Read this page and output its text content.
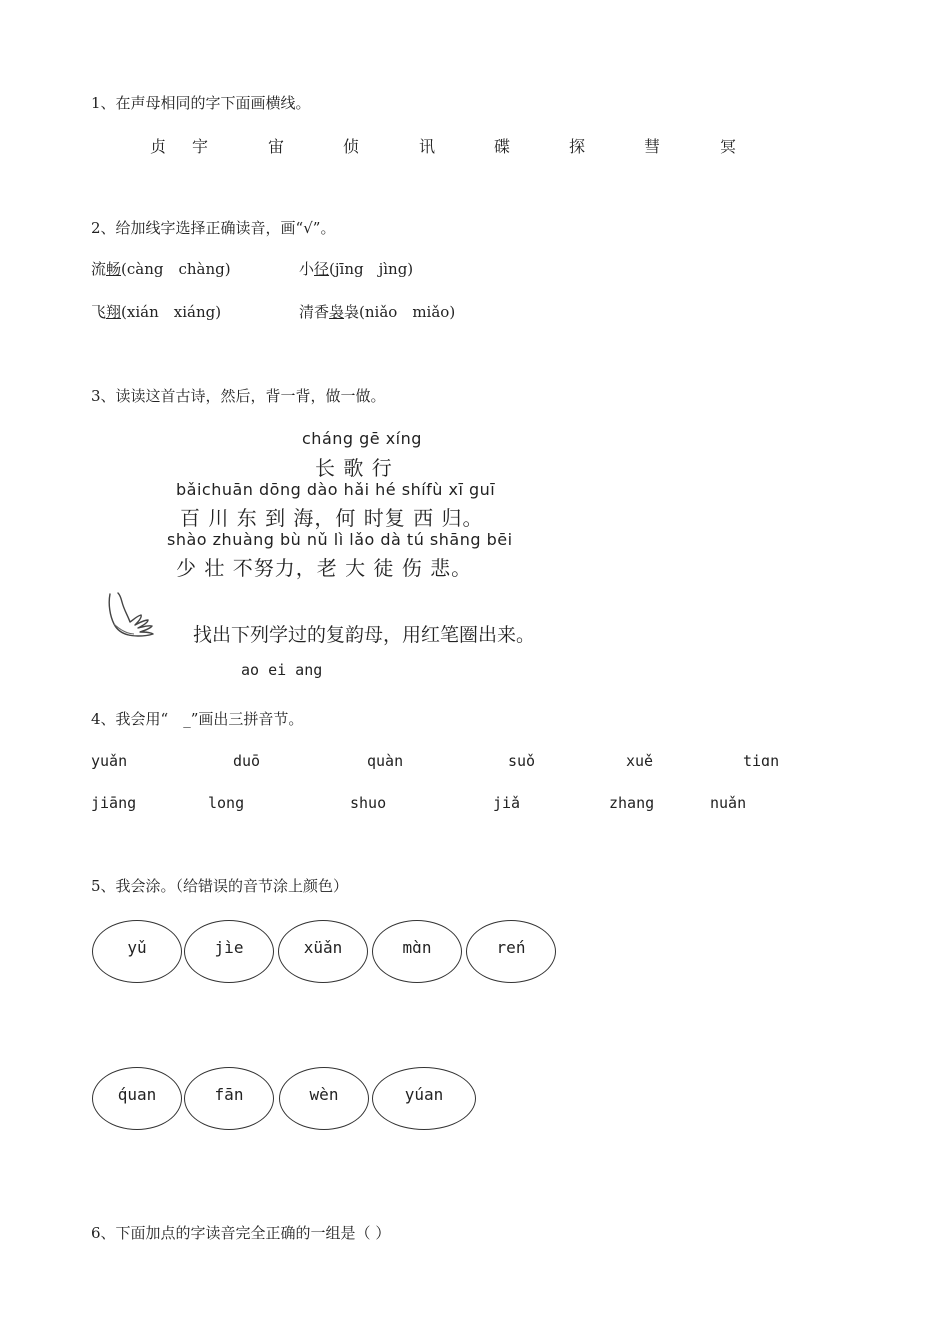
1、在声母相同的字下面画横线。
贞 宇	宙	侦	讯	碟	探	彗	冥
2、给加线字选择正确读音，画“√”。
流畅(càng　chàng)	小径(jīng　jìng)
飞翔(xián　xiáng)	清香袅袅(niǎo　miǎo)
3、读读这首古诗，然后，背一背，做一做。
cháng gē xíng
长 歌 行
bǎichuān dōng dào hǎi hé shífù xī guī
百 川 东 到 海，何 时复 西 归。
shào zhuàng bù nǔ lì lǎo dà tú shāng bēi
少 壮 不努力，老 大 徒 伤 悲。
找出下列学过的复韵母，用红笔圈出来。
ao ei ang
4、我会用“　_”画出三拼音节。
yuǎn	duō	quàn	suǒ	xuě	tiɑn
jiāng	long	shuo	jiǎ	zhang	nuǎn
5、我会涂。（给错误的音节涂上颜色）
yǔ	jìe	xüǎn	mɑ̀n	reń
q́uan	fān	wèn	yúan
6、下面加点的字读音完全正确的一组是（ ）
